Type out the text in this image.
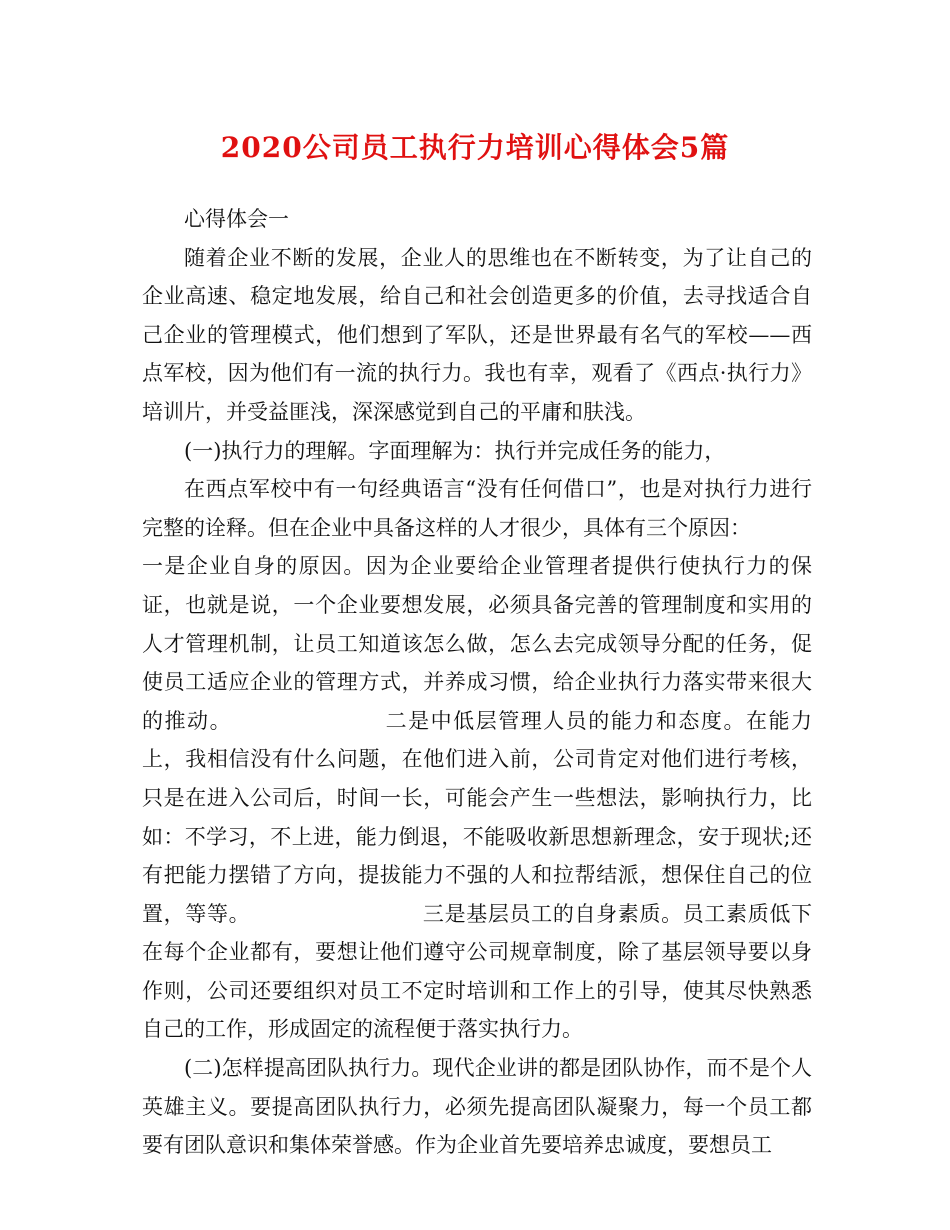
2020公司员工执行力培训心得体会5篇

心得体会一

随着企业不断的发展，企业人的思维也在不断转变，为了让自己的企业高速、稳定地发展，给自己和社会创造更多的价值，去寻找适合自己企业的管理模式，他们想到了军队，还是世界最有名气的军校——西点军校，因为他们有一流的执行力。我也有幸，观看了《西点·执行力》培训片，并受益匪浅，深深感觉到自己的平庸和肤浅。

(一)执行力的理解。字面理解为：执行并完成任务的能力，

在西点军校中有一句经典语言“没有任何借口”，也是对执行力进行完整的诠释。但在企业中具备这样的人才很少，具体有三个原因：

一是企业自身的原因。因为企业要给企业管理者提供行使执行力的保证，也就是说，一个企业要想发展，必须具备完善的管理制度和实用的人才管理机制，让员工知道该怎么做，怎么去完成领导分配的任务，促使员工适应企业的管理方式，并养成习惯，给企业执行力落实带来很大的推动。	二是中低层管理人员的能力和态度。在能力上，我相信没有什么问题，在他们进入前，公司肯定对他们进行考核，只是在进入公司后，时间一长，可能会产生一些想法，影响执行力，比如：不学习，不上进，能力倒退，不能吸收新思想新理念，安于现状;还有把能力摆错了方向，提拔能力不强的人和拉帮结派，想保住自己的位置，等等。	三是基层员工的自身素质。员工素质低下在每个企业都有，要想让他们遵守公司规章制度，除了基层领导要以身作则，公司还要组织对员工不定时培训和工作上的引导，使其尽快熟悉自己的工作，形成固定的流程便于落实执行力。

(二)怎样提高团队执行力。现代企业讲的都是团队协作，而不是个人英雄主义。要提高团队执行力，必须先提高团队凝聚力，每一个员工都要有团队意识和集体荣誉感。作为企业首先要培养忠诚度，要想员工
